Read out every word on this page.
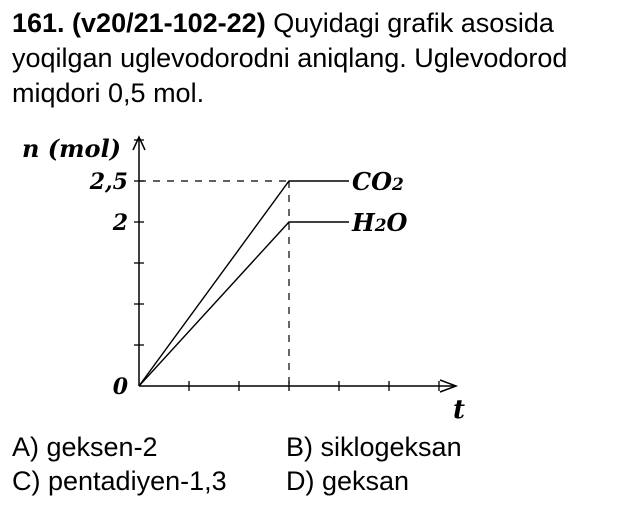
161. (v20/21-102-22) Quyidagi grafik asosida yoqilgan uglevodorodni aniqlang. Uglevodorod miqdori 0,5 mol.
n (mol)
t
0
2
2,5	CO2
H2O
A) geksen-2	B) siklogeksan
C) pentadiyen-1,3	D) geksan
